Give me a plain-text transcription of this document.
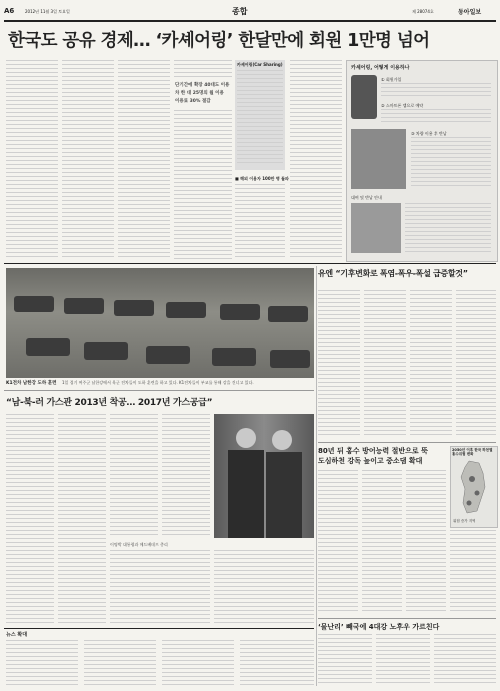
A6	2012년 11월 3일 토요일	종합	제 28074호	동아일보
한국도 공유 경제… ‘카셰어링’ 한달만에 회원 1만명 넘어
단기간에 확장 40대도 이용
차 한 대 25명의 월 이용
이용료 30% 절감
카셰어링(Car Sharing)
■ 해외 이용자 100만 명 돌파
카셰어링, 어떻게 이용하나
① 회원가입
② 스마트폰 앱으로 예약
③ 차량 이용 후 반납
대여 및 반납 안내
K1전차 남한강 도하 훈련 1일 경기 여주군 남한강에서 육군 전차들이 도하 훈련을 하고 있다. K1전차들이 부교를 통해 강을 건너고 있다.
유엔 “기후변화로 폭염-폭우-폭설 급증할것”
“남-북-러 가스관 2013년 착공… 2017년 가스공급”
이명박 대통령과 메드베데프 총리
80년 뒤 홍수 방어능력 절반으로 뚝
도심하천 강독 높이고 중소댐 확대
2050년 이후 한국 하천별 홍수위험 변화
위험 증가 지역
‘물난리’ 빼국에 4대강 노후우 가르친다
뉴스 확대
